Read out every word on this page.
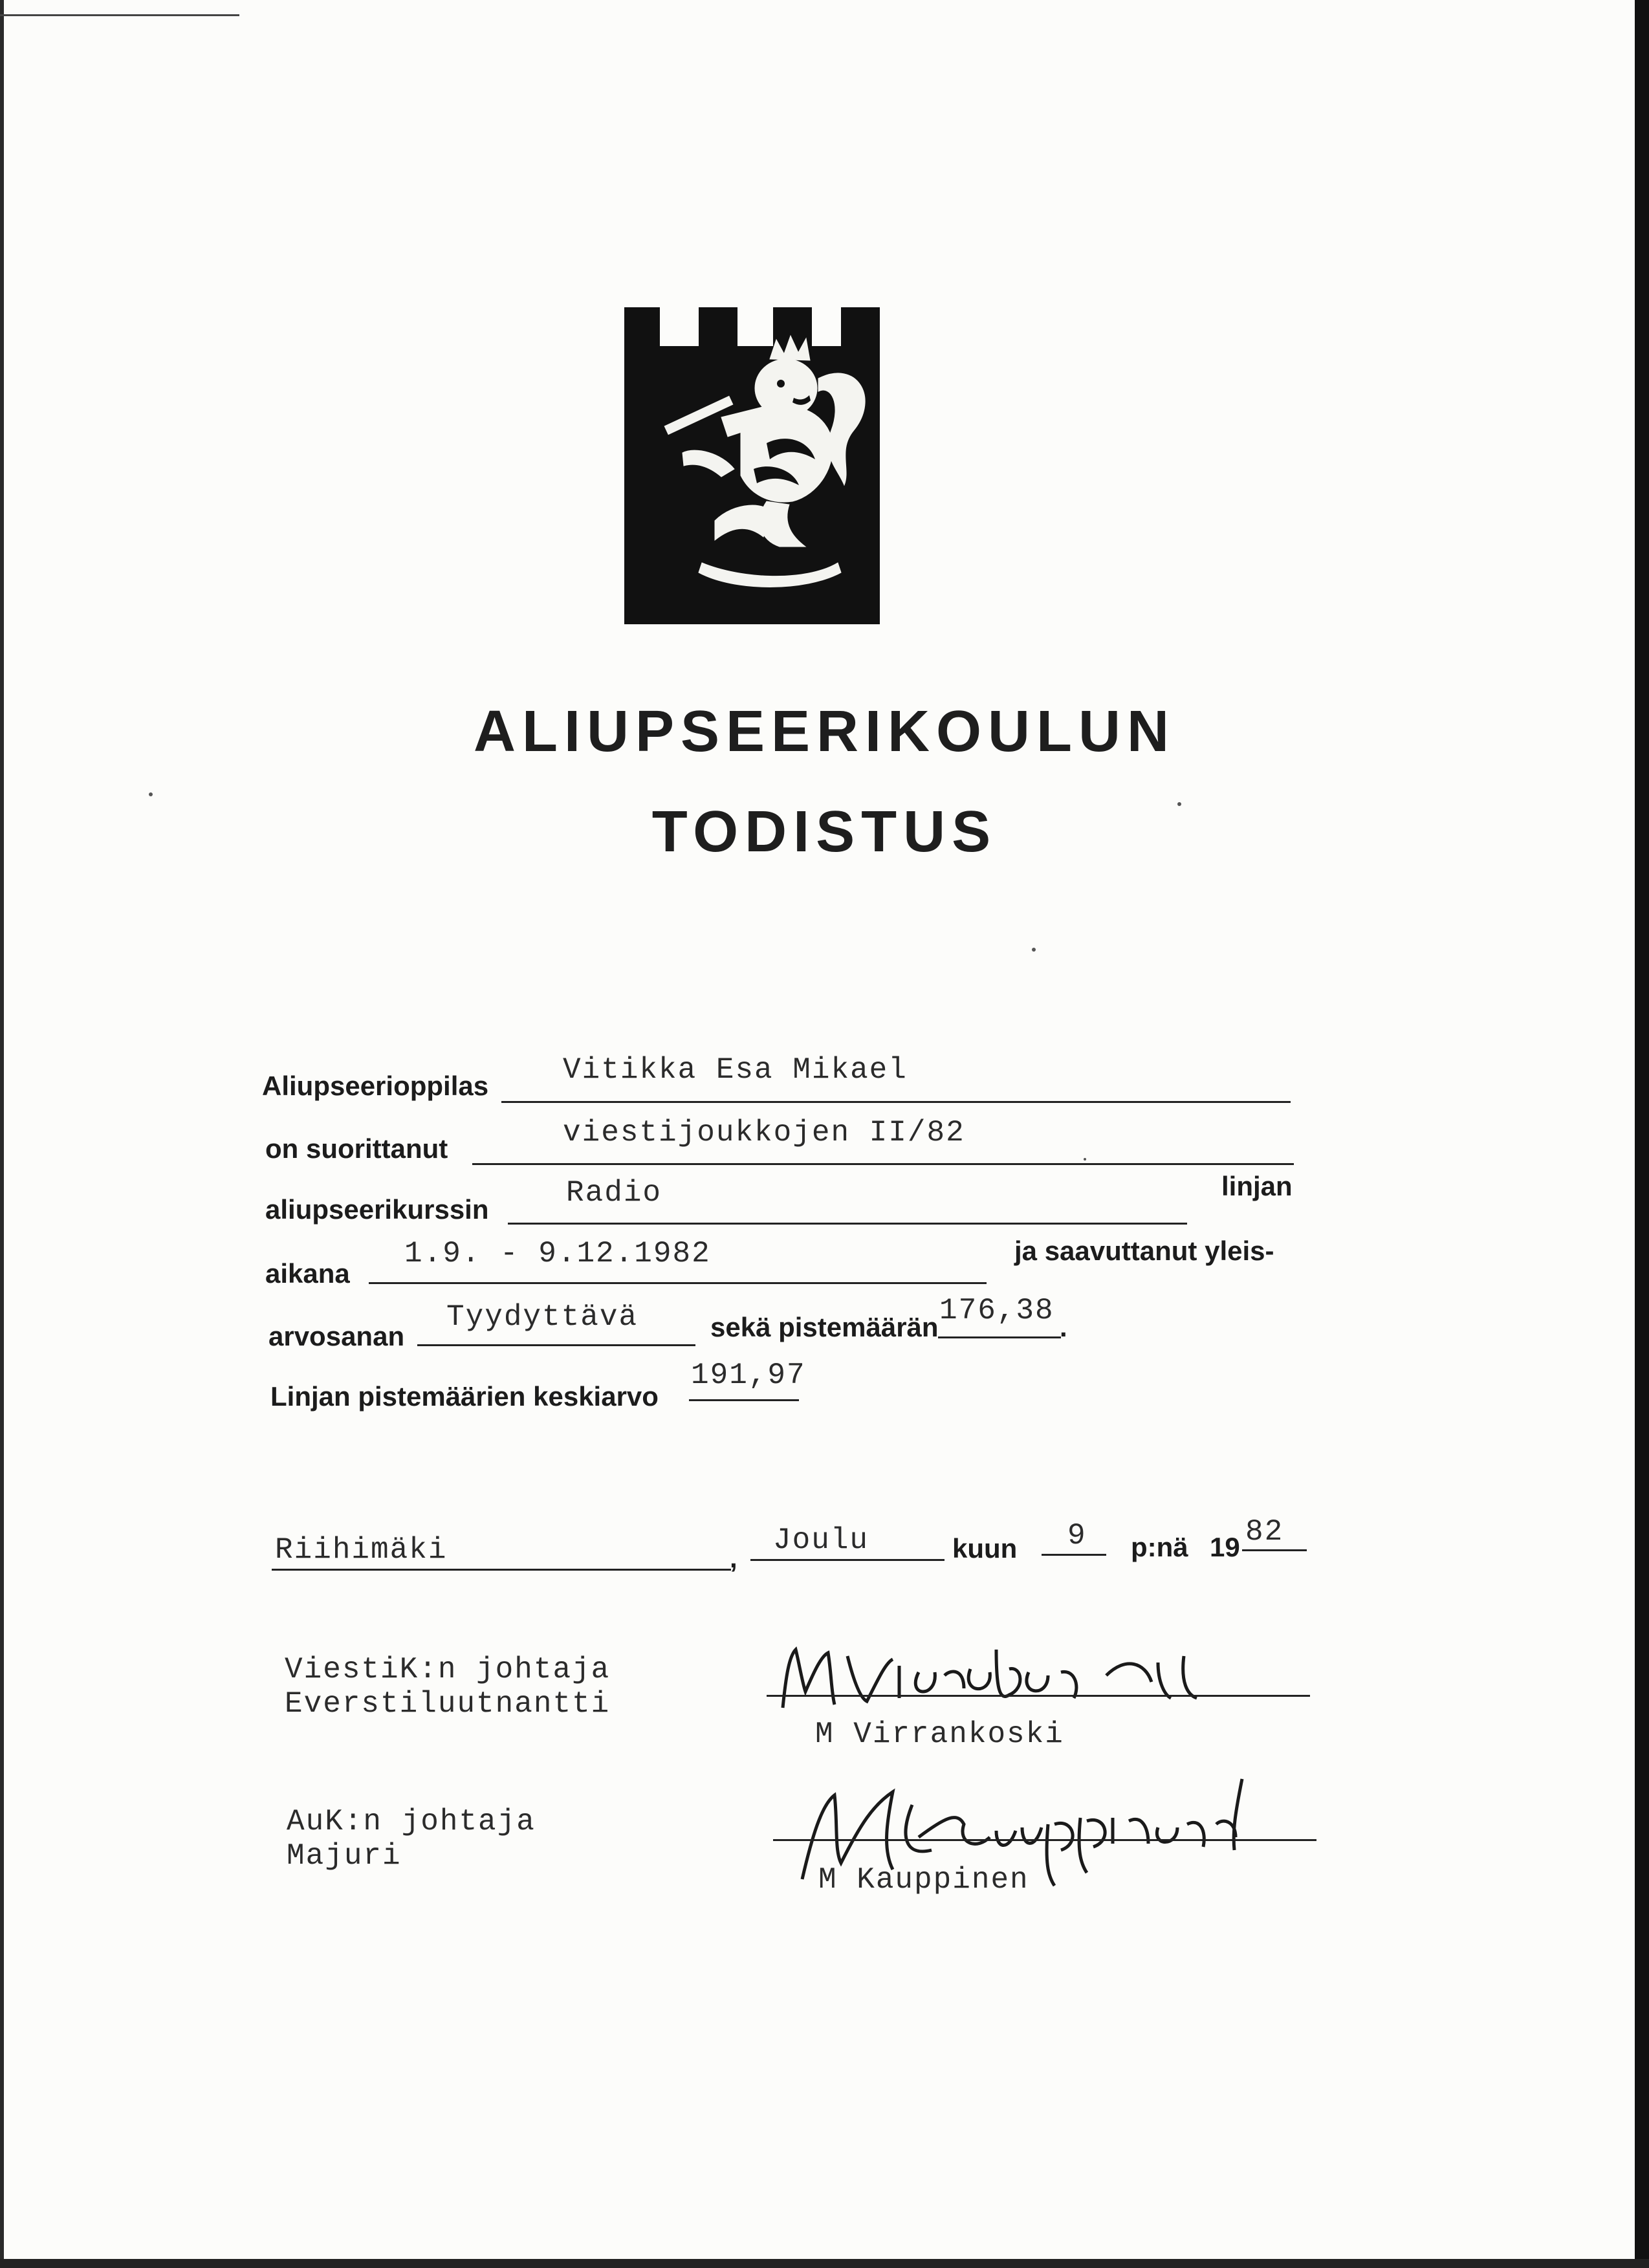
ALIUPSEERIKOULUN
TODISTUS
Aliupseerioppilas Vitikka Esa Mikael
on suorittanut	viestijoukkojen II/82
aliupseerikurssin	Radio	linjan
aikana
1.9. - 9.12.1982	ja saavuttanut yleis-
arvosanan
Tyydyttävä	sekä pistemäärän 176,38 .
Linjan pistemäärien keskiarvo
191,97
Riihimäki	,
Joulu	kuun 9 p:nä 19 82
ViestiK:n johtaja
Everstiluutnantti
M Virrankoski
AuK:n johtaja
Majuri
M Kauppinen
